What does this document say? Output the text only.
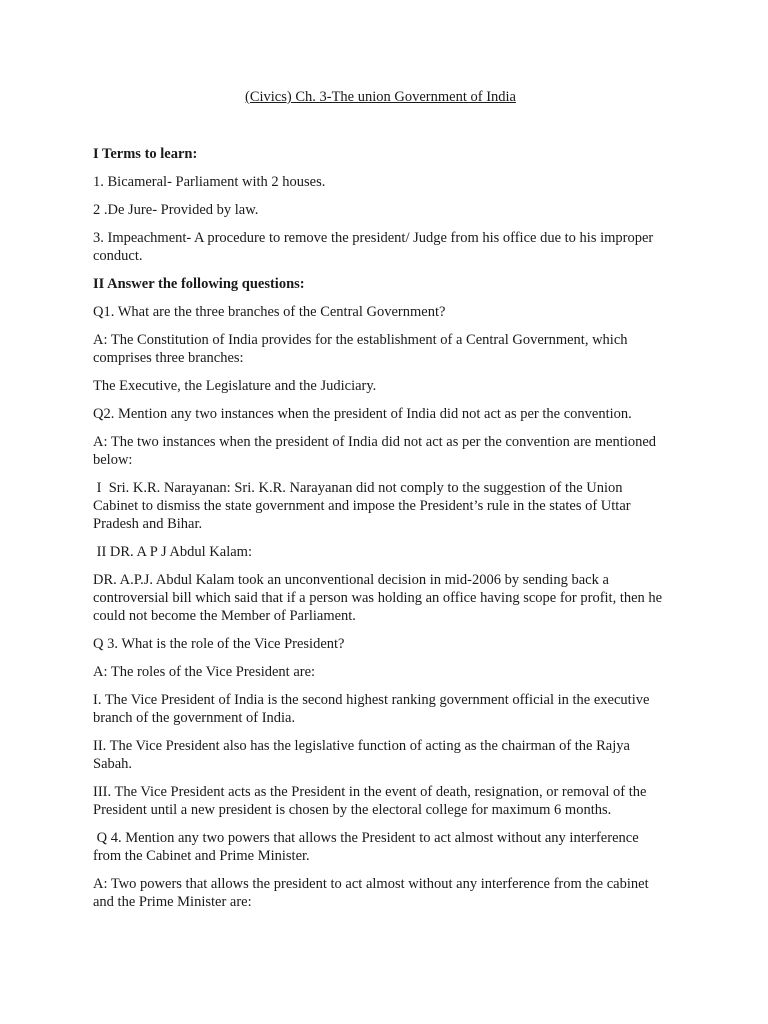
(Civics) Ch. 3-The union Government of India

I Terms to learn:

1. Bicameral- Parliament with 2 houses.

2 .De Jure- Provided by law.

3. Impeachment- A procedure to remove the president/ Judge from his office due to his improper conduct.

II Answer the following questions:

Q1. What are the three branches of the Central Government?

A: The Constitution of India provides for the establishment of a Central Government, which comprises three branches:

The Executive, the Legislature and the Judiciary.

Q2. Mention any two instances when the president of India did not act as per the convention.

A: The two instances when the president of India did not act as per the convention are mentioned below:

I  Sri. K.R. Narayanan: Sri. K.R. Narayanan did not comply to the suggestion of the Union Cabinet to dismiss the state government and impose the President’s rule in the states of Uttar Pradesh and Bihar.

II DR. A P J Abdul Kalam:

DR. A.P.J. Abdul Kalam took an unconventional decision in mid-2006 by sending back a controversial bill which said that if a person was holding an office having scope for profit, then he could not become the Member of Parliament.

Q 3. What is the role of the Vice President?

A: The roles of the Vice President are:

I. The Vice President of India is the second highest ranking government official in the executive branch of the government of India.

II. The Vice President also has the legislative function of acting as the chairman of the Rajya Sabah.

III. The Vice President acts as the President in the event of death, resignation, or removal of the President until a new president is chosen by the electoral college for maximum 6 months.

Q 4. Mention any two powers that allows the President to act almost without any interference from the Cabinet and Prime Minister.

A: Two powers that allows the president to act almost without any interference from the cabinet and the Prime Minister are:
